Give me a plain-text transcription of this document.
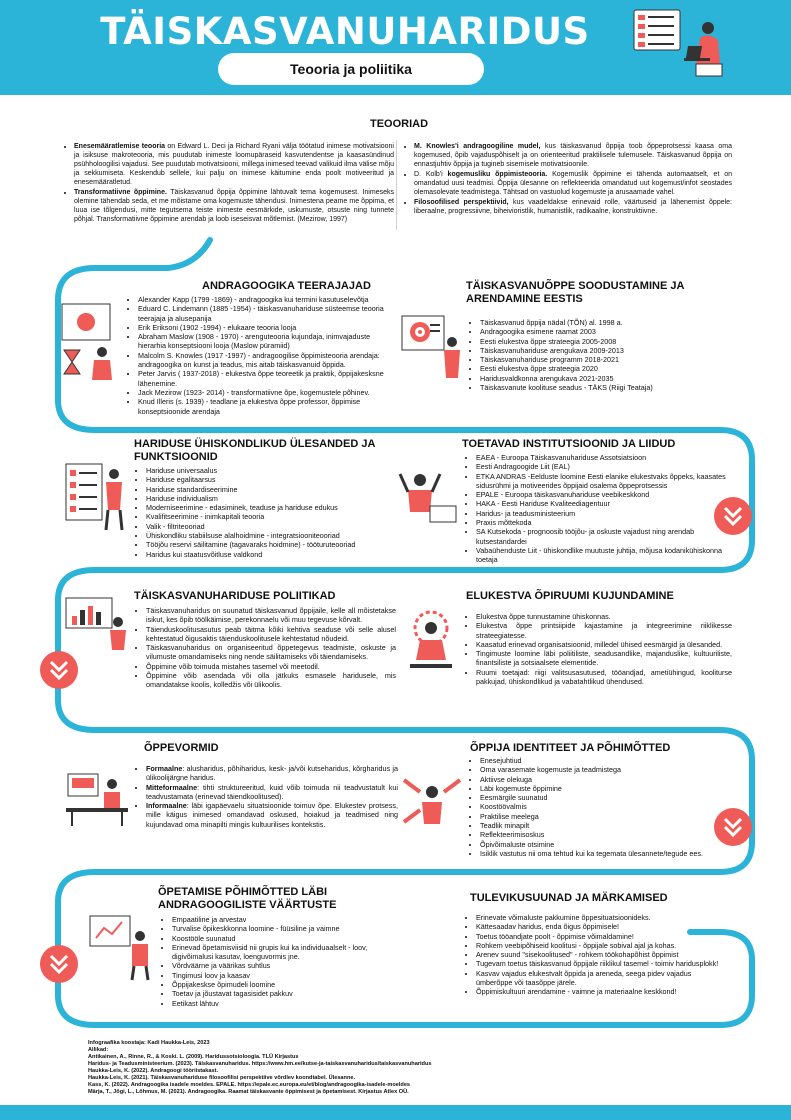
TÄISKASVANUHARIDUS
Teooria ja poliitika
TEOORIAD
• Enesemääratlemise teooria on Edward L. Deci ja Richard Ryani välja töötatud inimese motivatsiooni ja isiksuse makroteooria, mis puudutab inimeste loomupäraseid kasvutendentse ja kaasasündinud psühholoogilisi vajadusi. See puudutab motivatsiooni, millega inimesed teevad valikuid ilma välise mõju ja sekkumiseta. Keskendub sellele, kui palju on inimese käitumine enda poolt motiveeritud ja enesemääratletud.
• Transformatiivne õppimine. Täiskasvanud õppija õppimine lähtuvalt tema kogemusest. Inimeseks olemine tähendab seda, et me mõistame oma kogemuste tähendusi. Inimestena peame me õppima, et luua ise tõlgendusi, mitte tegutsema teiste inimeste eesmärkide, uskumuste, otsuste ning tunnete põhjal. Transformatiivne õppimine arendab ja loob iseseisvat mõtlemist. (Mezirow, 1997)
• M. Knowles'i andragoogiline mudel, kus täiskasvanud õppija toob õppeprotsessi kaasa oma kogemused, õpib vajaduspõhiselt ja on orienteeritud praktilisele tulemusele. Täiskasvanud õppija on ennastjuhtiv õppija ja tugineb sisemisele motivatsioonile.
• D. Kolb'i kogemusliku õppimisteooria. Kogemuslik õppimine ei tähenda automaatselt, et on omandatud uusi teadmisi. Õppija ülesanne on reflekteerida omandatud uut kogemust/infot seostades olemasolevate teadmistega. Tähtsad on vastuolud kogemuste ja arusaamade vahel.
• Filosoofilised perspektiivid, kus vaadeldakse erinevaid rolle, väärtuseid ja lähenemist õppele: liberaalne, progressiivne, biheivioristlik, humanistlik, radikaalne, konstruktiivne.
ANDRAGOOGIKA TEERAJAJAD
• Alexander Kapp (1799 -1869) - andragoogika kui termini kasutuselevõtja
• Eduard C. Lindemann (1885 -1954) - täiskasvanuhariduse süsteemse teooria teerajaja ja alusepanija
• Erik Eriksoni (1902 -1994) - elukaare teooria looja
• Abraham Maslow (1908 - 1970) - arenguteooria kujundaja, inimvajaduste hierarhia konseptsiooni looja (Maslow püramiid)
• Malcolm S. Knowles (1917 -1997) - andragoogilise õppimisteooria arendaja: andragoogika on kunst ja teadus, mis aitab täiskasvanuid õppida.
• Peter Jarvis ( 1937-2018) - elukestva õppe teoreetik ja praktik, õppijakesksne lähenemine.
• Jack Mezirow (1923- 2014) - transformatiivne õpe, kogemustele põhinev.
• Knud Illeris (s. 1939) - teadlane ja elukestva õppe professor, õppimise konseptsioonide arendaja
TÄISKASVANUÕPPE SOODUSTAMINE JA ARENDAMINE EESTIS
• Täiskasvanud õppija nädal (TÕN) al. 1998 a.
• Andragoogika esimene raamat 2003
• Eesti elukestva õppe strateegia 2005-2008
• Täiskasvanuhariduse arengukava 2009-2013
• Täiskasvanuhariduse programm 2018-2021
• Eesti elukestva õppe strateegia 2020
• Haridusvaldkonna arengukava 2021-2035
• Täiskasvanute koolituse seadus - TÄKS (Riigi Teataja)
HARIDUSE ÜHISKONDLIKUD ÜLESANDED JA FUNKTSIOONID
• Hariduse universaalus
• Hariduse egalitaarsus
• Hariduse standardiseerimine
• Hariduse individualism
• Moderniseerimine - edasiminek, teaduse ja hariduse edukus
• Kvalifitseerimine - inimkapitali teooria
• Valik - filtriteooriad
• Ühiskondliku stabiilsuse alalhoidmine - integratsiooniteooriad
• Tööjõu reservi säilitamine (tagavaraks hoidmine) - tööturuteooriad
• Haridus kui staatusvõitluse valdkond
TOETAVAD INSTITUTSIOONID JA LIIDUD
• EAEA - Euroopa Täiskasvanuhariduse Assotsiatsioon
• Eesti Andragoogide Liit (EAL)
• ETKA ANDRAS -Eelduste loomine Eesti elanike elukestvaks õppeks, kaasates sidusrühmi ja motiveerides õppijaid osalema õppeprotsessis
• EPALE - Euroopa täiskasvanuhariduse veebikeskkond
• HAKA - Eesti Hariduse Kvaliteediagentuur
• Haridus- ja teadusministeerium
• Praxis mõttekoda
• SA Kutsekoda - prognoosib tööjõu- ja oskuste vajadust ning arendab kutsestandardei
• Vabaühenduste Liit - ühiskondlike muutuste juhtija, mõjusa kodanikühiskonna toetaja
TÄISKASVANUHARIDUSE POLIITIKAD
• Täiskasvanuharidus on suunatud täiskasvanud õppijaile, kelle all mõistetakse isikut, kes õpib töölkäimise, perekonnaelu või muu tegevuse kõrvalt.
• Täienduskoolitusasutus peab täitma kõiki kehtiva seaduse või selle alusel kehtestatud õigusaktis täienduskoolitusele kehtestatud nõudeid.
• Täiskasvanuharidus on organiseeritud õppetegevus teadmiste, oskuste ja vilumuste omandamiseks ning nende säilitamiseks või täiendamiseks.
• Õppimine võib toimuda mistahes tasemel või meetodil.
• Õppimine võib asendada või olla jätkuks esmasele haridusele, mis omandatakse koolis, kolledžis või ülikoolis.
ELUKESTVA ÕPIRUUMI KUJUNDAMINE
• Elukestva õppe tunnustamine ühiskonnas.
• Elukestva õppe printsiipide kajastamine ja integreerimine riiklikesse strateegiatesse.
• Kaasatud erinevad organisatsioonid, milledel ühised eesmärgid ja ülesanded.
• Tingimuste loomine läbi poliitiliste, seadusandlike, majanduslike, kultuuriliste, finantsiliste ja sotsiaalsete elementide.
• Ruumi toetajad: riigi valitsusasutused, tööandjad, ametiühingud, kooliturse pakkujad, ühiskondlikud ja vabatahtlikud ühendused.
ÕPPEVORMID
• Formaalne: alusharidus, põhiharidus, kesk- ja/või kutseharidus, kõrgharidus ja ülikoolijärgne haridus.
• Mitteformaalne: tihti struktureeritud, kuid võib toimuda nii teadvustatult kui teadvustamata (erinevad täiendkoolitused).
• Informaalne: läbi igapäevaelu situatsioonide toimuv õpe. Elukestev protsess, mille käigus inimesed omandavad oskused, hoiakud ja teadmised ning kujundavad oma minapilti mingis kultuurilises kontekstis.
ÕPPIJA IDENTITEET JA PÕHIMÕTTED
• Enesejuhtiud
• Oma varasemate kogemuste ja teadmistega
• Aktiivse olekuga
• Läbi kogemuste õppimine
• Eesmärgile suunatud
• Koostöövalmis
• Praktilise meelega
• Teadlik minapilt
• Reflekteerimisoskus
• Õpivõimaluste otsimine
• Isiklik vastutus nii oma tehtud kui ka tegemata ülesannete/tegude ees.
ÕPETAMISE PÕHIMÕTTED LÄBI ANDRAGOOGILISTE VÄÄRTUSTE
• Empaatiline ja arvestav
• Turvalise õpikeskkonna loomine - füüsiline ja vaimne
• Koostööle suunatud
• Erinevad õpetamisviisid nii grupis kui ka individuaalselt - loov, digivõimalusi kasutav, loenguvormis jne.
• Võrdväärne ja väärikas suhtlus
• Tingimusi loov ja kaasav
• Õppijakeskse õpimudeli loomine
• Toetav ja jõustavat tagasisidet pakkuv
• Eetikast lähtuv
TULEVIKUSUUNAD JA MÄRKAMISED
• Erinevate võimaluste pakkumine õppesituatsioonideks.
• Kättesaadav haridus, enda õigus õppimisele!
• Toetus tööandjate poolt - õppimise võimaldamine!
• Rohkem veebipõhiseid koolitusi - õppijale sobival ajal ja kohas.
• Arenev suund "sisekoolitused" - rohkem töökohapõhist õppimist
• Tugevam toetus täiskasvanud õppijale riiklikul tasemel - toimiv haridusplokk!
• Kasvav vajadus elukestvalt õppida ja areneda, seega pidev vajadus ümberõppe või taasõppe järele.
• Õppimiskultuuri arendamine - vaimne ja materiaalne keskkond!
Infograafika koostaja: Kadi Haukka-Leis, 2023
Allikad:
Antikainen, A., Rinne, R., & Koski. L. (2009). Haridussotsioloogia. TLÜ Kirjastus
Haridus- ja Teadusministeerium. (2023). Täiskasvanuharidus. https://www.hm.ee/kutse-ja-taiskasvanuharidus/taiskasvanuharidus
Haukka-Leis, K. (2022). Andragoogi tööriistakast.
Haukka-Leis, K. (2021). Täiskasvanuhariduse filosoofilisi perspektiive võrdlev koondtabel. Ülesanne.
Kass, K. (2022). Andragoogika isadele moeldes. EPALE. https://epale.ec.europa.eu/et/blog/andragoogika-isadele-moeldes
Märja, T., Jõgi, L., Lõhmus, M. (2021). Andragoogika. Raamat täiskasvante õppimisest ja õpetamisest. Kirjastus Atlex OÜ.
